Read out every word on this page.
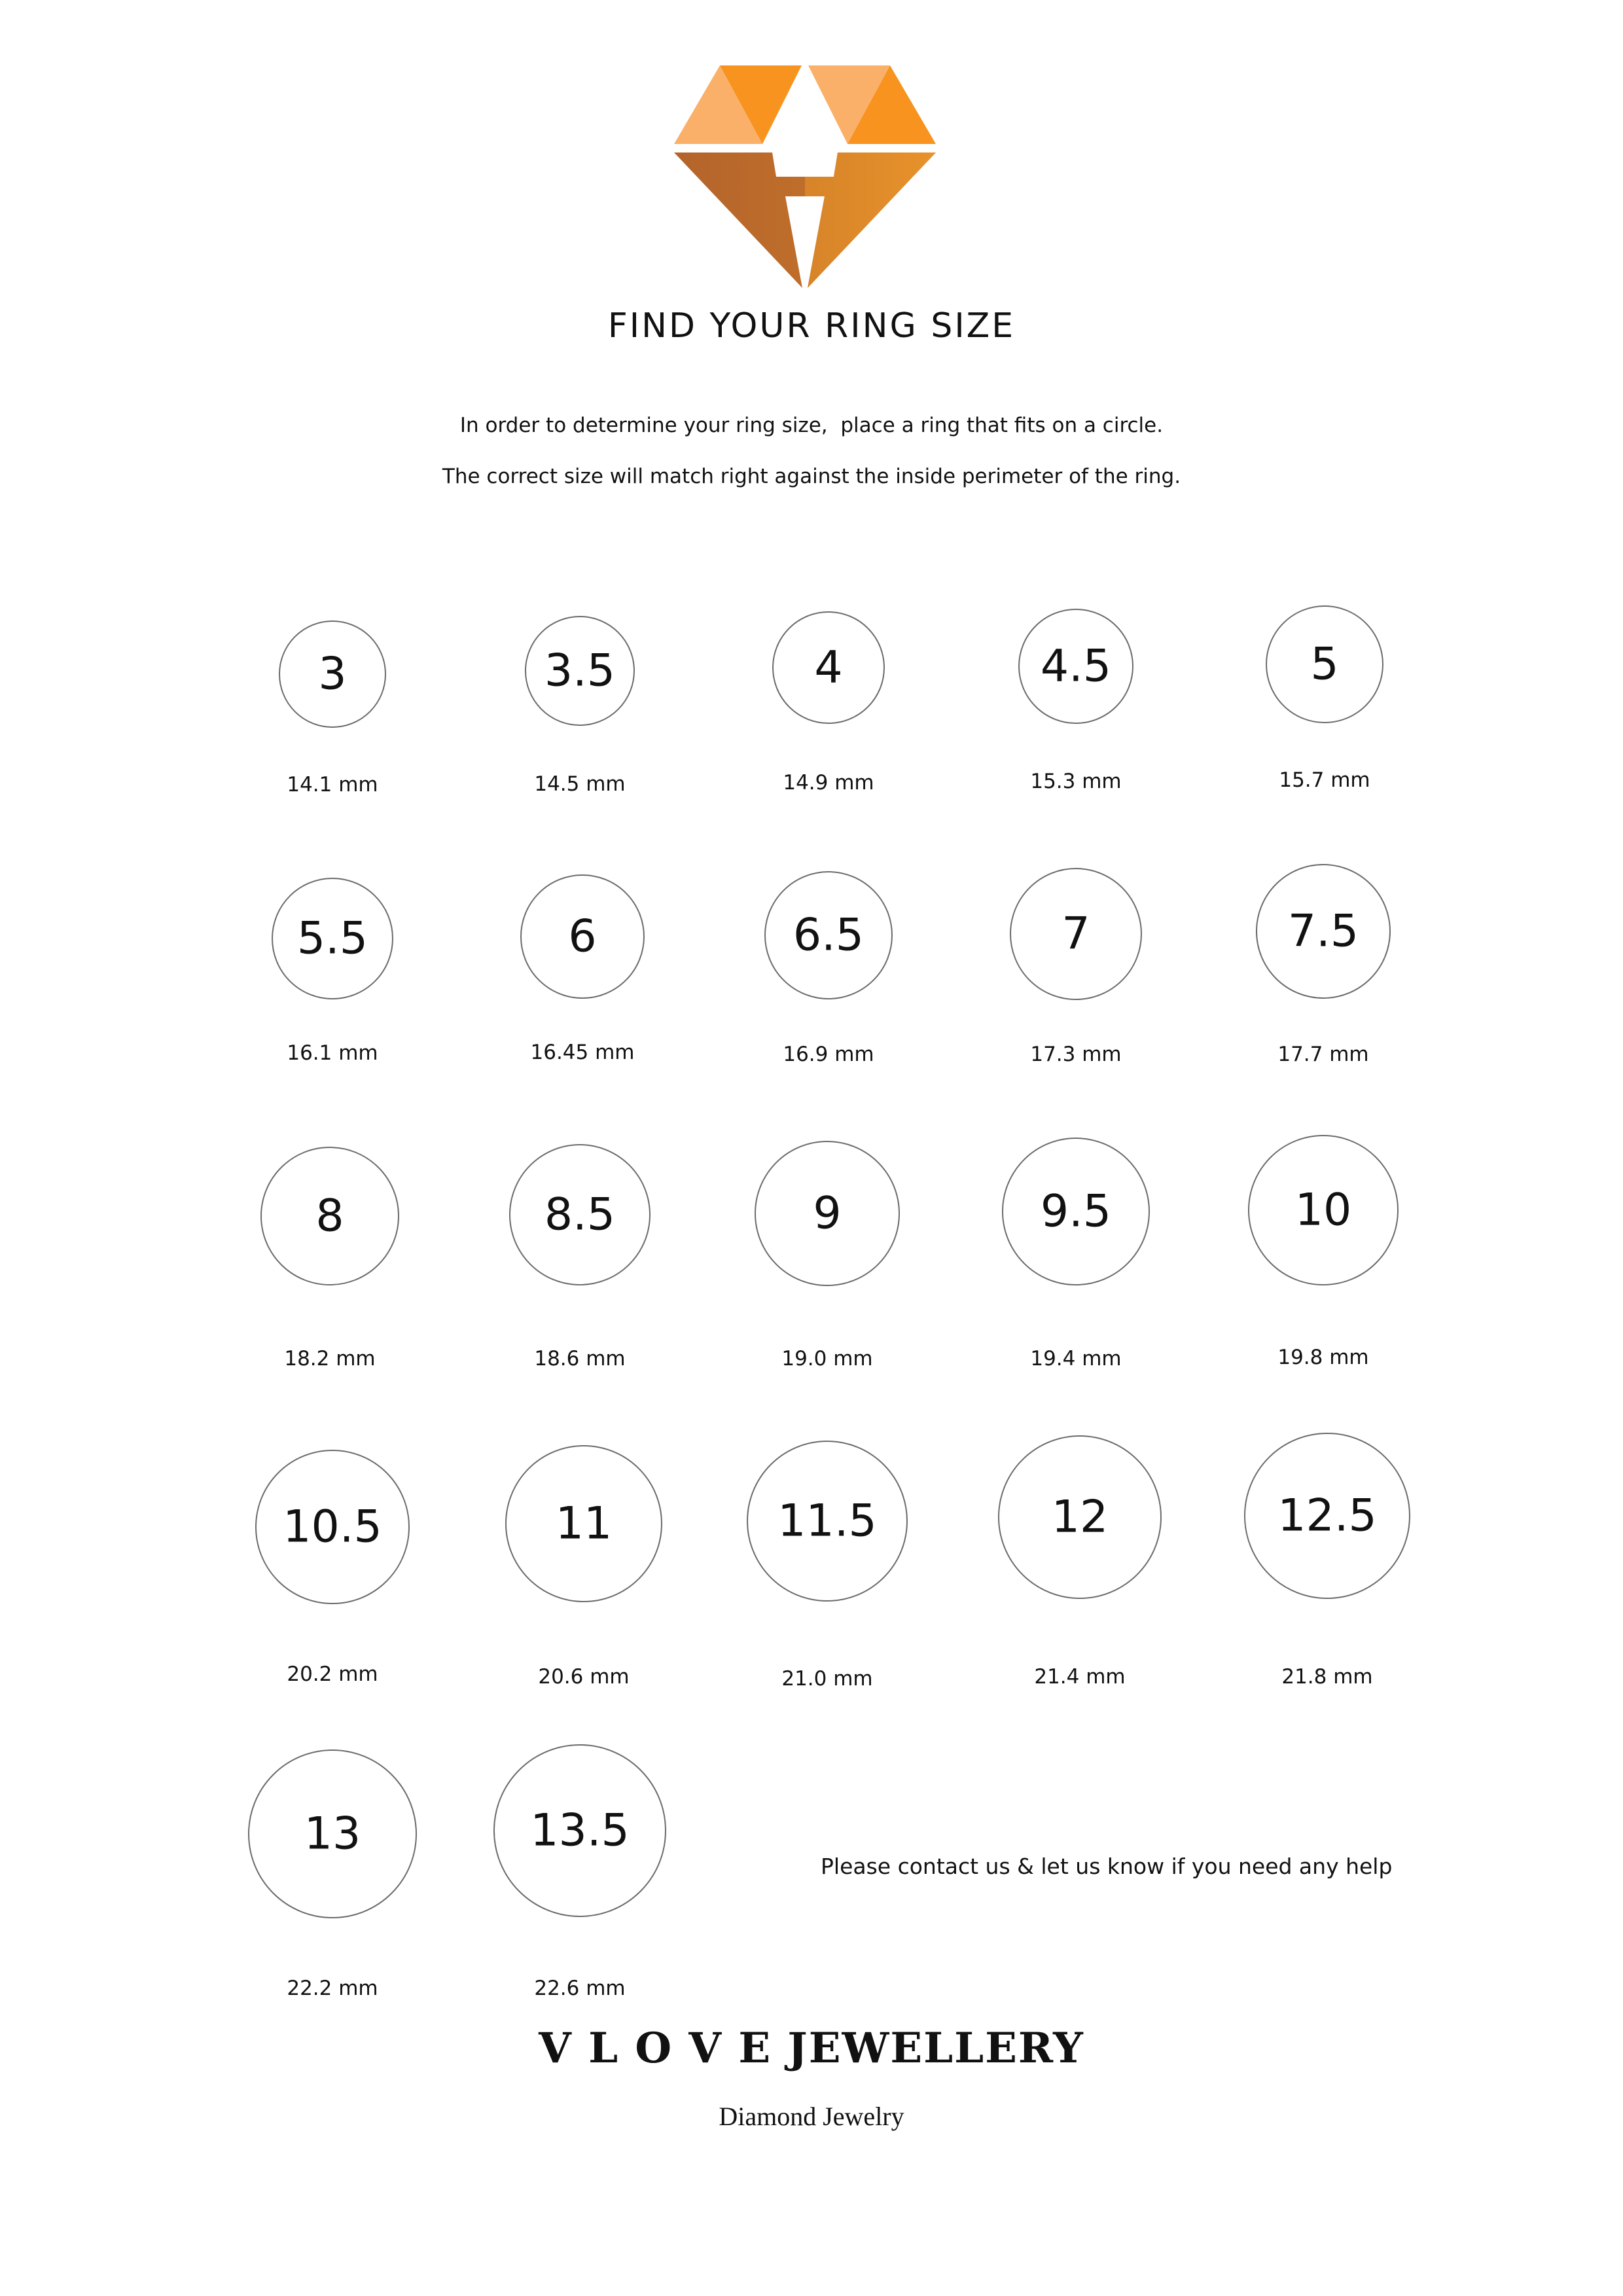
FIND YOUR RING SIZE
In order to determine your ring size,  place a ring that fits on a circle.
The correct size will match right against the inside perimeter of the ring.
3
14.1 mm
3.5
14.5 mm
4
14.9 mm
4.5
15.3 mm
5
15.7 mm
5.5
16.1 mm
6
16.45 mm
6.5
16.9 mm
7
17.3 mm
7.5
17.7 mm
8
18.2 mm
8.5
18.6 mm
9
19.0 mm
9.5
19.4 mm
10
19.8 mm
10.5
20.2 mm
11
20.6 mm
11.5
21.0 mm
12
21.4 mm
12.5
21.8 mm
13
22.2 mm
13.5
22.6 mm
Please contact us & let us know if you need any help
V L O V E JEWELLERY
Diamond Jewelry
